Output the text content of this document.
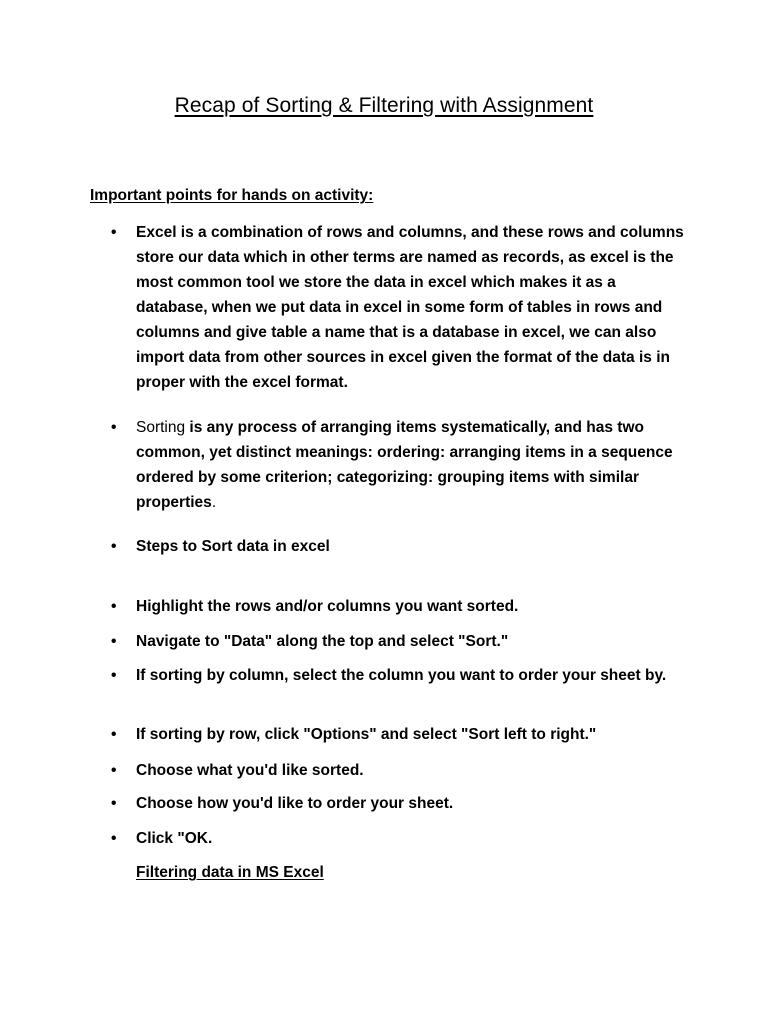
Recap of Sorting & Filtering with Assignment
Important points for hands on activity:
• Excel is a combination of rows and columns, and these rows and columns store our data which in other terms are named as records, as excel is the most common tool we store the data in excel which makes it as a database, when we put data in excel in some form of tables in rows and columns and give table a name that is a database in excel, we can also import data from other sources in excel given the format of the data is in proper with the excel format.
• Sorting is any process of arranging items systematically, and has two common, yet distinct meanings: ordering: arranging items in a sequence ordered by some criterion; categorizing: grouping items with similar properties.
• Steps to Sort data in excel
• Highlight the rows and/or columns you want sorted.
• Navigate to "Data" along the top and select "Sort."
• If sorting by column, select the column you want to order your sheet by.
• If sorting by row, click "Options" and select "Sort left to right."
• Choose what you'd like sorted.
• Choose how you'd like to order your sheet.
• Click "OK.
Filtering data in MS Excel
